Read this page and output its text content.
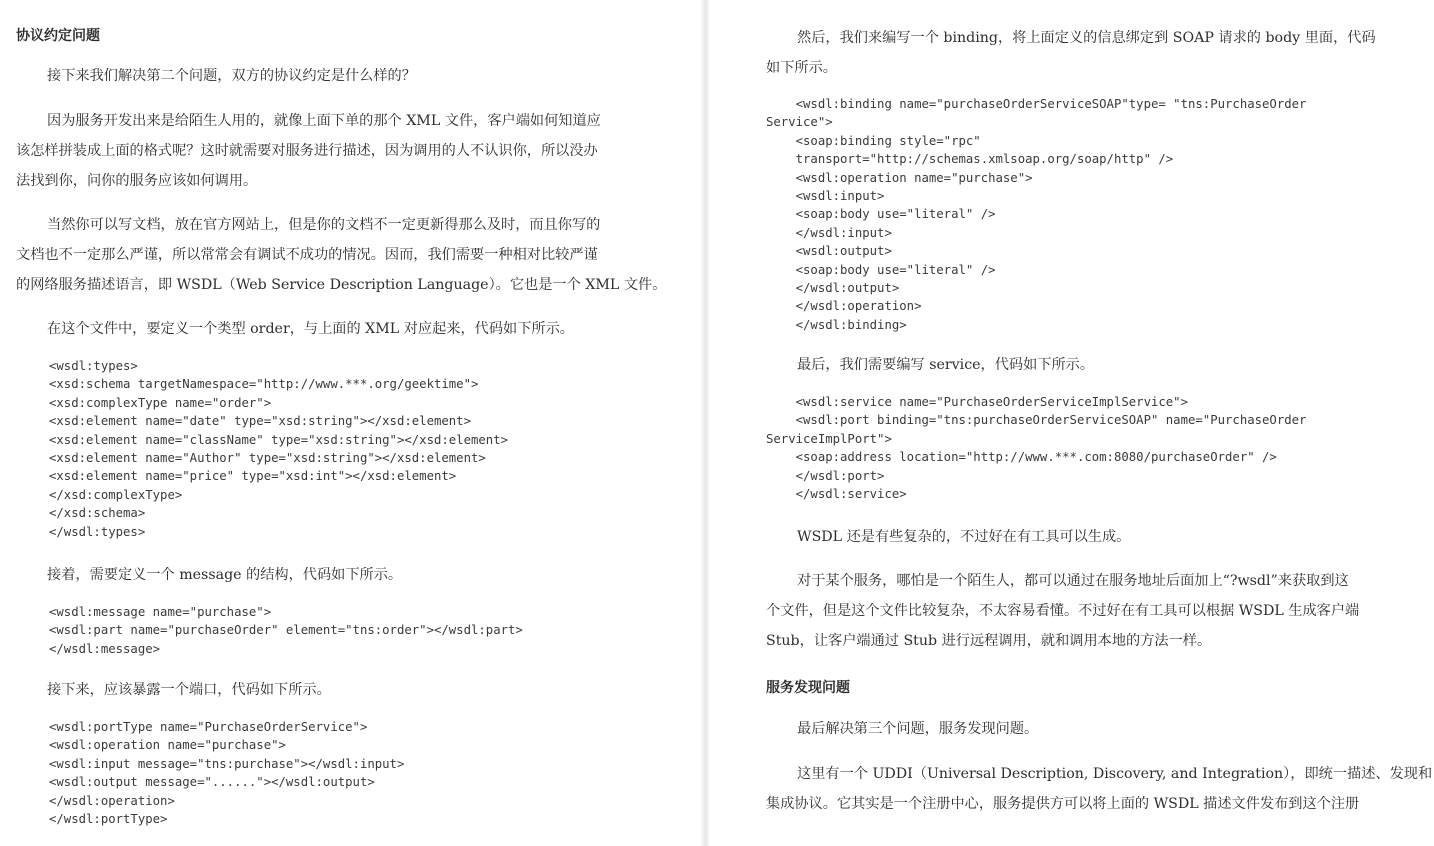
协议约定问题
接下来我们解决第二个问题，双方的协议约定是什么样的？
因为服务开发出来是给陌生人用的，就像上面下单的那个 XML 文件，客户端如何知道应
该怎样拼装成上面的格式呢？这时就需要对服务进行描述，因为调用的人不认识你，所以没办
法找到你，问你的服务应该如何调用。
当然你可以写文档，放在官方网站上，但是你的文档不一定更新得那么及时，而且你写的
文档也不一定那么严谨，所以常常会有调试不成功的情况。因而，我们需要一种相对比较严谨
的网络服务描述语言，即 WSDL（Web Service Description Language）。它也是一个 XML 文件。
在这个文件中，要定义一个类型 order，与上面的 XML 对应起来，代码如下所示。
<wsdl:types>
<xsd:schema targetNamespace="http://www.***.org/geektime">
<xsd:complexType name="order">
<xsd:element name="date" type="xsd:string"></xsd:element>
<xsd:element name="className" type="xsd:string"></xsd:element>
<xsd:element name="Author" type="xsd:string"></xsd:element>
<xsd:element name="price" type="xsd:int"></xsd:element>
</xsd:complexType>
</xsd:schema>
</wsdl:types>
接着，需要定义一个 message 的结构，代码如下所示。
<wsdl:message name="purchase">
<wsdl:part name="purchaseOrder" element="tns:order"></wsdl:part>
</wsdl:message>
接下来，应该暴露一个端口，代码如下所示。
<wsdl:portType name="PurchaseOrderService">
<wsdl:operation name="purchase">
<wsdl:input message="tns:purchase"></wsdl:input>
<wsdl:output message="......"></wsdl:output>
</wsdl:operation>
</wsdl:portType>
然后，我们来编写一个 binding，将上面定义的信息绑定到 SOAP 请求的 body 里面，代码
如下所示。
<wsdl:binding name="purchaseOrderServiceSOAP"type= "tns:PurchaseOrder
Service">
<soap:binding style="rpc"
transport="http://schemas.xmlsoap.org/soap/http" />
<wsdl:operation name="purchase">
<wsdl:input>
<soap:body use="literal" />
</wsdl:input>
<wsdl:output>
<soap:body use="literal" />
</wsdl:output>
</wsdl:operation>
</wsdl:binding>
最后，我们需要编写 service，代码如下所示。
<wsdl:service name="PurchaseOrderServiceImplService">
<wsdl:port binding="tns:purchaseOrderServiceSOAP" name="PurchaseOrder
ServiceImplPort">
<soap:address location="http://www.***.com:8080/purchaseOrder" />
</wsdl:port>
</wsdl:service>
WSDL 还是有些复杂的，不过好在有工具可以生成。
对于某个服务，哪怕是一个陌生人，都可以通过在服务地址后面加上“?wsdl”来获取到这
个文件，但是这个文件比较复杂，不太容易看懂。不过好在有工具可以根据 WSDL 生成客户端
Stub，让客户端通过 Stub 进行远程调用，就和调用本地的方法一样。
服务发现问题
最后解决第三个问题，服务发现问题。
这里有一个 UDDI（Universal Description, Discovery, and Integration），即统一描述、发现和
集成协议。它其实是一个注册中心，服务提供方可以将上面的 WSDL 描述文件发布到这个注册
